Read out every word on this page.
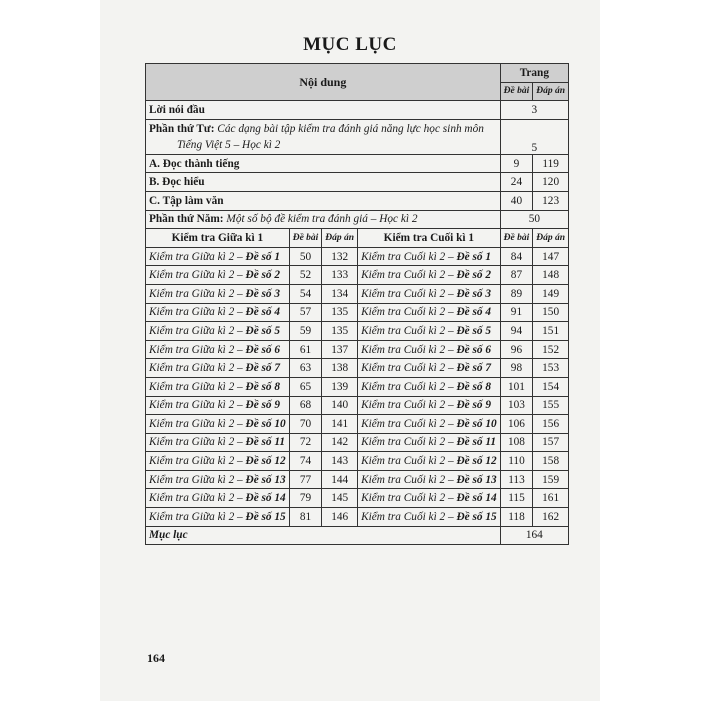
MỤC LỤC
Nội dung				Trang	
				Đề bài	Đáp án
Lời nói đầu				3	
Phần thứ Tư: Các dạng bài tập kiểm tra đánh giá năng lực học sinh môn
Tiếng Việt 5 – Học kì 2				5	
A. Đọc thành tiếng				9	119
B. Đọc hiểu				24	120
C. Tập làm văn				40	123
Phần thứ Năm: Một số bộ đề kiểm tra đánh giá – Học kì 2				50	
Kiểm tra Giữa kì 1	Đề bài	Đáp án	Kiểm tra Cuối kì 1	Đề bài	Đáp án
Kiểm tra Giữa kì 2 – Đề số 1	50	132	Kiểm tra Cuối kì 2 – Đề số 1	84	147
Kiểm tra Giữa kì 2 – Đề số 2	52	133	Kiểm tra Cuối kì 2 – Đề số 2	87	148
Kiểm tra Giữa kì 2 – Đề số 3	54	134	Kiểm tra Cuối kì 2 – Đề số 3	89	149
Kiểm tra Giữa kì 2 – Đề số 4	57	135	Kiểm tra Cuối kì 2 – Đề số 4	91	150
Kiểm tra Giữa kì 2 – Đề số 5	59	135	Kiểm tra Cuối kì 2 – Đề số 5	94	151
Kiểm tra Giữa kì 2 – Đề số 6	61	137	Kiểm tra Cuối kì 2 – Đề số 6	96	152
Kiểm tra Giữa kì 2 – Đề số 7	63	138	Kiểm tra Cuối kì 2 – Đề số 7	98	153
Kiểm tra Giữa kì 2 – Đề số 8	65	139	Kiểm tra Cuối kì 2 – Đề số 8	101	154
Kiểm tra Giữa kì 2 – Đề số 9	68	140	Kiểm tra Cuối kì 2 – Đề số 9	103	155
Kiểm tra Giữa kì 2 – Đề số 10	70	141	Kiểm tra Cuối kì 2 – Đề số 10	106	156
Kiểm tra Giữa kì 2 – Đề số 11	72	142	Kiểm tra Cuối kì 2 – Đề số 11	108	157
Kiểm tra Giữa kì 2 – Đề số 12	74	143	Kiểm tra Cuối kì 2 – Đề số 12	110	158
Kiểm tra Giữa kì 2 – Đề số 13	77	144	Kiểm tra Cuối kì 2 – Đề số 13	113	159
Kiểm tra Giữa kì 2 – Đề số 14	79	145	Kiểm tra Cuối kì 2 – Đề số 14	115	161
Kiểm tra Giữa kì 2 – Đề số 15	81	146	Kiểm tra Cuối kì 2 – Đề số 15	118	162
Mục lục				164	
164
